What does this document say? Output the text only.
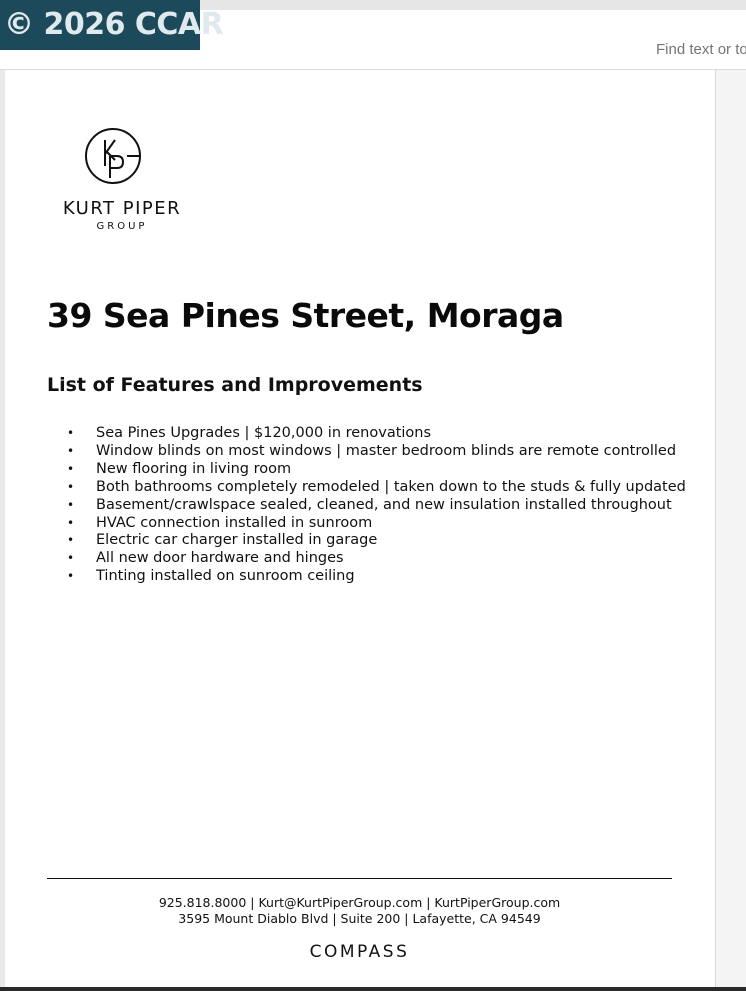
Find text or tools
© 2026 CCAR
KURT PIPER
GROUP
39 Sea Pines Street, Moraga
List of Features and Improvements
• Sea Pines Upgrades | $120,000 in renovations
• Window blinds on most windows | master bedroom blinds are remote controlled
• New flooring in living room
• Both bathrooms completely remodeled | taken down to the studs & fully updated
• Basement/crawlspace sealed, cleaned, and new insulation installed throughout
• HVAC connection installed in sunroom
• Electric car charger installed in garage
• All new door hardware and hinges
• Tinting installed on sunroom ceiling
925.818.8000 | Kurt@KurtPiperGroup.com | KurtPiperGroup.com
3595 Mount Diablo Blvd | Suite 200 | Lafayette, CA 94549
COMPASS
